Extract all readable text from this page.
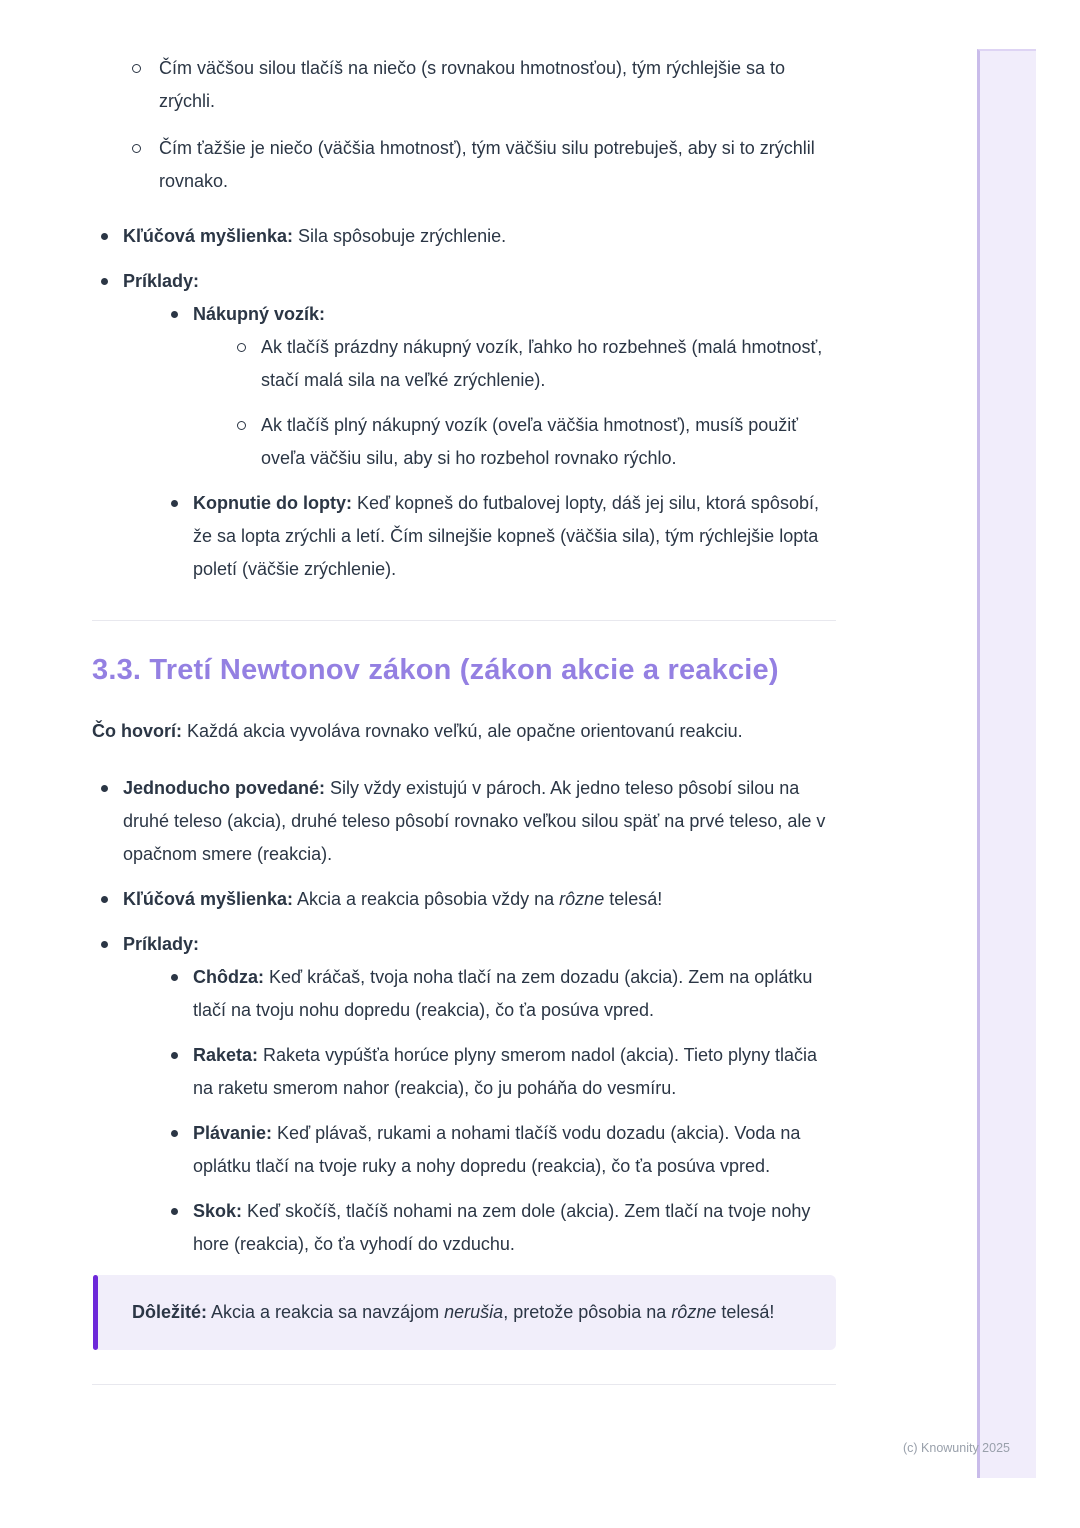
Čím väčšou silou tlačíš na niečo (s rovnakou hmotnosťou), tým rýchlejšie sa to zrýchli.
Čím ťažšie je niečo (väčšia hmotnosť), tým väčšiu silu potrebuješ, aby si to zrýchlil rovnako.
Kľúčová myšlienka: Sila spôsobuje zrýchlenie.
Príklady:
Nákupný vozík:
Ak tlačíš prázdny nákupný vozík, ľahko ho rozbehneš (malá hmotnosť, stačí malá sila na veľké zrýchlenie).
Ak tlačíš plný nákupný vozík (oveľa väčšia hmotnosť), musíš použiť oveľa väčšiu silu, aby si ho rozbehol rovnako rýchlo.
Kopnutie do lopty: Keď kopneš do futbalovej lopty, dáš jej silu, ktorá spôsobí, že sa lopta zrýchli a letí. Čím silnejšie kopneš (väčšia sila), tým rýchlejšie lopta poletí (väčšie zrýchlenie).
3.3. Tretí Newtonov zákon (zákon akcie a reakcie)

Čo hovorí: Každá akcia vyvoláva rovnako veľkú, ale opačne orientovanú reakciu.

Jednoducho povedané: Sily vždy existujú v pároch. Ak jedno teleso pôsobí silou na druhé teleso (akcia), druhé teleso pôsobí rovnako veľkou silou späť na prvé teleso, ale v opačnom smere (reakcia).
Kľúčová myšlienka: Akcia a reakcia pôsobia vždy na rôzne telesá!
Príklady:
Chôdza: Keď kráčaš, tvoja noha tlačí na zem dozadu (akcia). Zem na oplátku tlačí na tvoju nohu dopredu (reakcia), čo ťa posúva vpred.
Raketa: Raketa vypúšťa horúce plyny smerom nadol (akcia). Tieto plyny tlačia na raketu smerom nahor (reakcia), čo ju poháňa do vesmíru.
Plávanie: Keď plávaš, rukami a nohami tlačíš vodu dozadu (akcia). Voda na oplátku tlačí na tvoje ruky a nohy dopredu (reakcia), čo ťa posúva vpred.
Skok: Keď skočíš, tlačíš nohami na zem dole (akcia). Zem tlačí na tvoje nohy hore (reakcia), čo ťa vyhodí do vzduchu.
Dôležité: Akcia a reakcia sa navzájom nerušia, pretože pôsobia na rôzne telesá!
(c) Knowunity 2025
